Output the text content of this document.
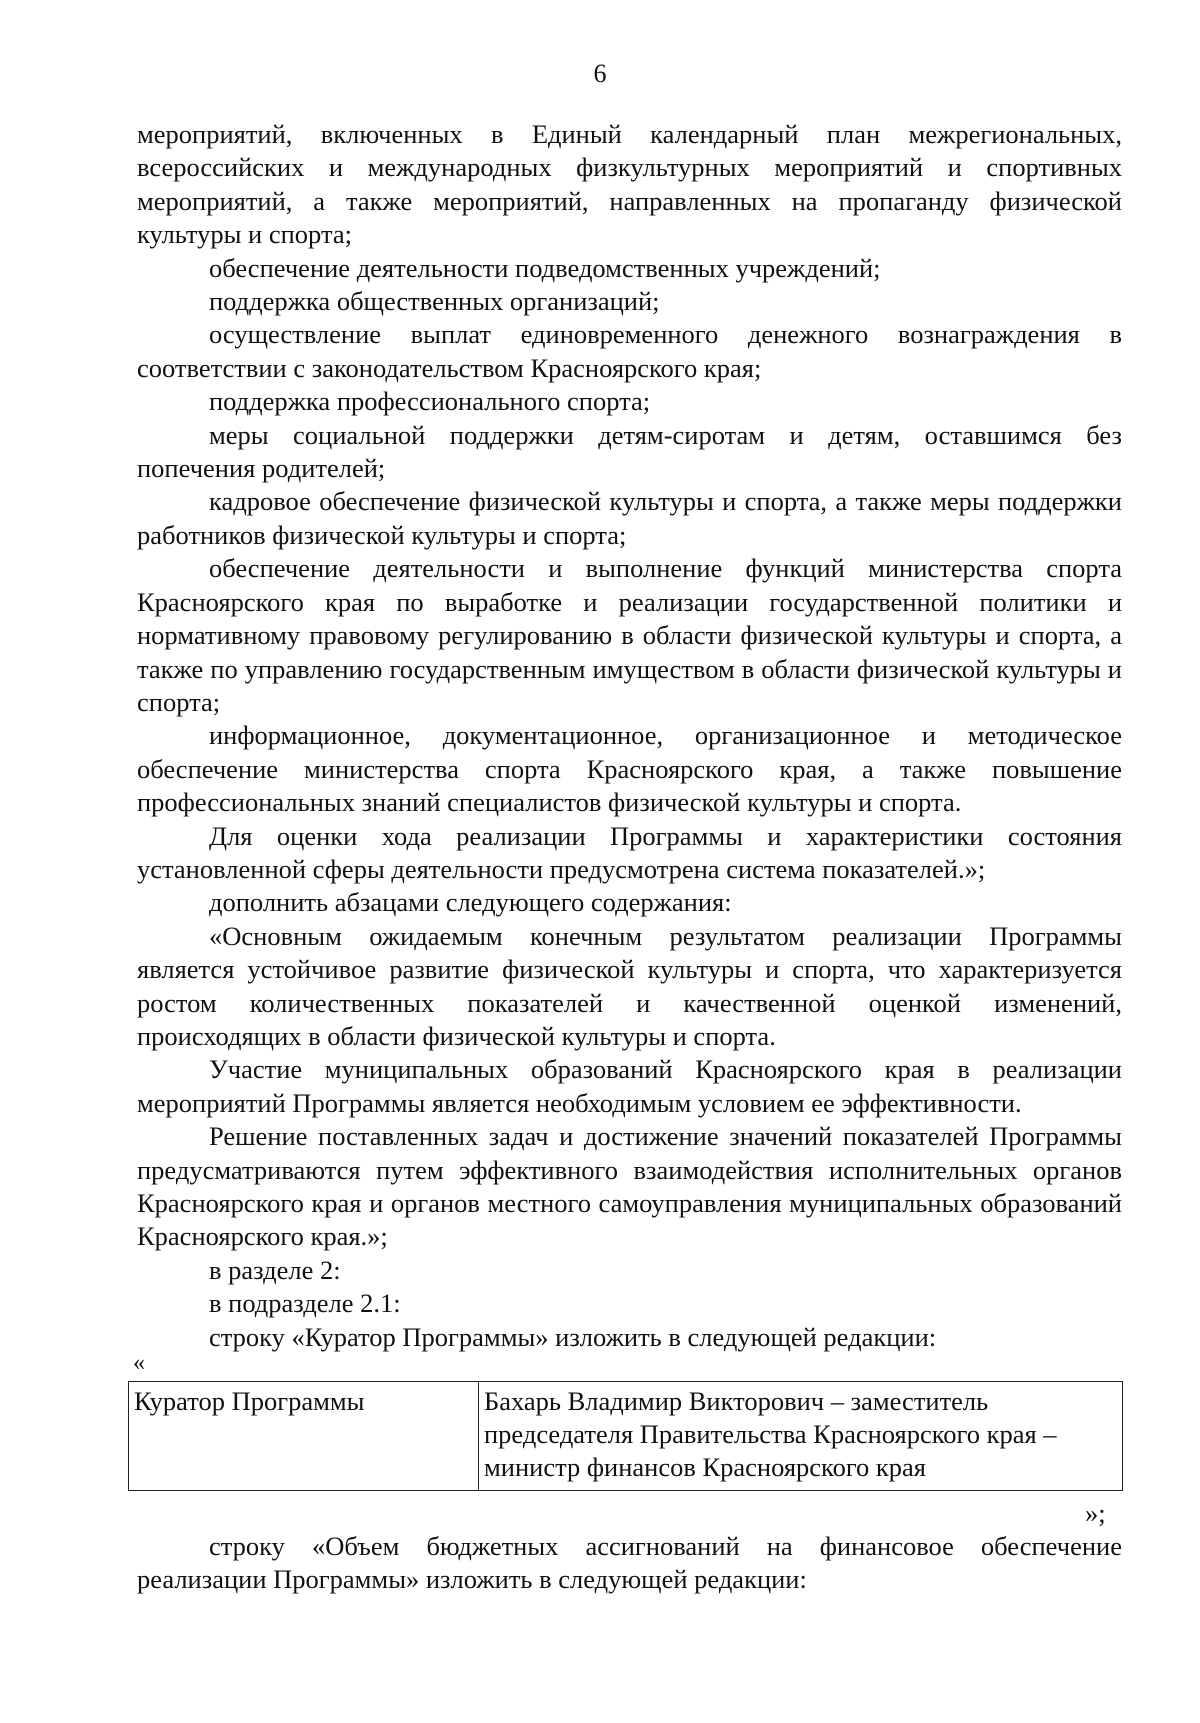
6

мероприятий, включенных в Единый календарный план межрегиональных, всероссийских и международных физкультурных мероприятий и спортивных мероприятий, а также мероприятий, направленных на пропаганду физической культуры и спорта;

обеспечение деятельности подведомственных учреждений;

поддержка общественных организаций;

осуществление выплат единовременного денежного вознаграждения в соответствии с законодательством Красноярского края;

поддержка профессионального спорта;

меры социальной поддержки детям-сиротам и детям, оставшимся без попечения родителей;

кадровое обеспечение физической культуры и спорта, а также меры поддержки работников физической культуры и спорта;

обеспечение деятельности и выполнение функций министерства спорта Красноярского края по выработке и реализации государственной политики и нормативному правовому регулированию в области физической культуры и спорта, а также по управлению государственным имуществом в области физической культуры и спорта;

информационное, документационное, организационное и методическое обеспечение министерства спорта Красноярского края, а также повышение профессиональных знаний специалистов физической культуры и спорта.

Для оценки хода реализации Программы и характеристики состояния установленной сферы деятельности предусмотрена система показателей.»;

дополнить абзацами следующего содержания:

«Основным ожидаемым конечным результатом реализации Программы является устойчивое развитие физической культуры и спорта, что характеризуется ростом количественных показателей и качественной оценкой изменений, происходящих в области физической культуры и спорта.

Участие муниципальных образований Красноярского края в реализации мероприятий Программы является необходимым условием ее эффективности.

Решение поставленных задач и достижение значений показателей Программы предусматриваются путем эффективного взаимодействия исполнительных органов Красноярского края и органов местного самоуправления муниципальных образований Красноярского края.»;

в разделе 2:

в подразделе 2.1:

строку «Куратор Программы» изложить в следующей редакции:

«
Куратор Программы	Бахарь Владимир Викторович – заместитель председателя Правительства Красноярского края – министр финансов Красноярского края
»;

строку «Объем бюджетных ассигнований на финансовое обеспечение реализации Программы» изложить в следующей редакции:
